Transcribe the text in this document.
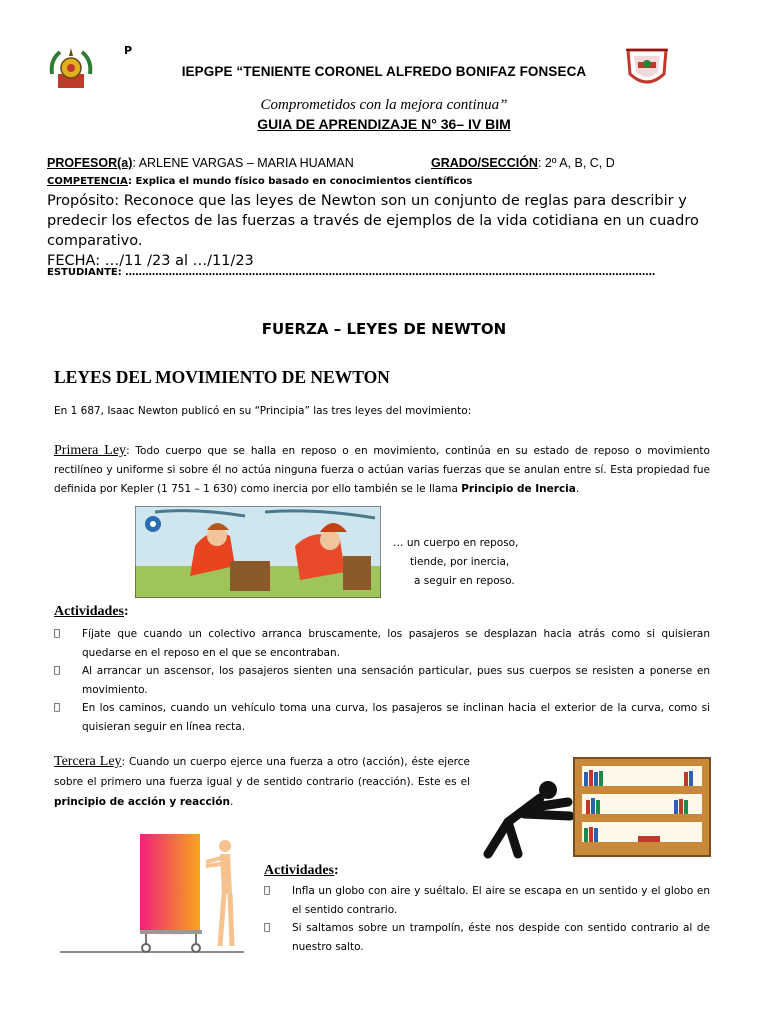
P
IEPGPE “TENIENTE CORONEL ALFREDO BONIFAZ FONSECA
Comprometidos con la mejora continua”
GUIA DE APRENDIZAJE N° 36– IV BIM
PROFESOR(a): ARLENE VARGAS – MARIA HUAMAN	GRADO/SECCIÓN: 2º A, B, C, D
COMPETENCIA: Explica el mundo físico basado en conocimientos científicos
Propósito: Reconoce que las leyes de Newton son un conjunto de reglas para describir y predecir los efectos de las fuerzas a través de ejemplos de la vida cotidiana en un cuadro comparativo.
FECHA: …/11 /23 al …/11/23
ESTUDIANTE: ……………………………………………………………………………………………………………………………………………
FUERZA – LEYES DE NEWTON
LEYES DEL MOVIMIENTO DE NEWTON
En 1 687, Isaac Newton publicó en su “Principia” las tres leyes del movimiento:
Primera Ley: Todo cuerpo que se halla en reposo o en movimiento, continúa en su estado de reposo o movimiento rectilíneo y uniforme si sobre él no actúa ninguna fuerza o actúan varias fuerzas que se anulan entre sí. Esta propiedad fue definida por Kepler (1 751 – 1 630) como inercia por ello también se le llama Principio de Inercia.
… un cuerpo en reposo,
tiende, por inercia,
a seguir en reposo.
Actividades:
Fíjate que cuando un colectivo arranca bruscamente, los pasajeros se desplazan hacia atrás como si quisieran quedarse en el reposo en el que se encontraban.
Al arrancar un ascensor, los pasajeros sienten una sensación particular, pues sus cuerpos se resisten a ponerse en movimiento.
En los caminos, cuando un vehículo toma una curva, los pasajeros se inclinan hacia el exterior de la curva, como si quisieran seguir en línea recta.
Tercera Ley: Cuando un cuerpo ejerce una fuerza a otro (acción), éste ejerce sobre el primero una fuerza igual y de sentido contrario (reacción). Este es el principio de acción y reacción.
Actividades:
Infla un globo con aire y suéltalo. El aire se escapa en un sentido y el globo en el sentido contrario.
Si saltamos sobre un trampolín, éste nos despide con sentido contrario al de nuestro salto.
